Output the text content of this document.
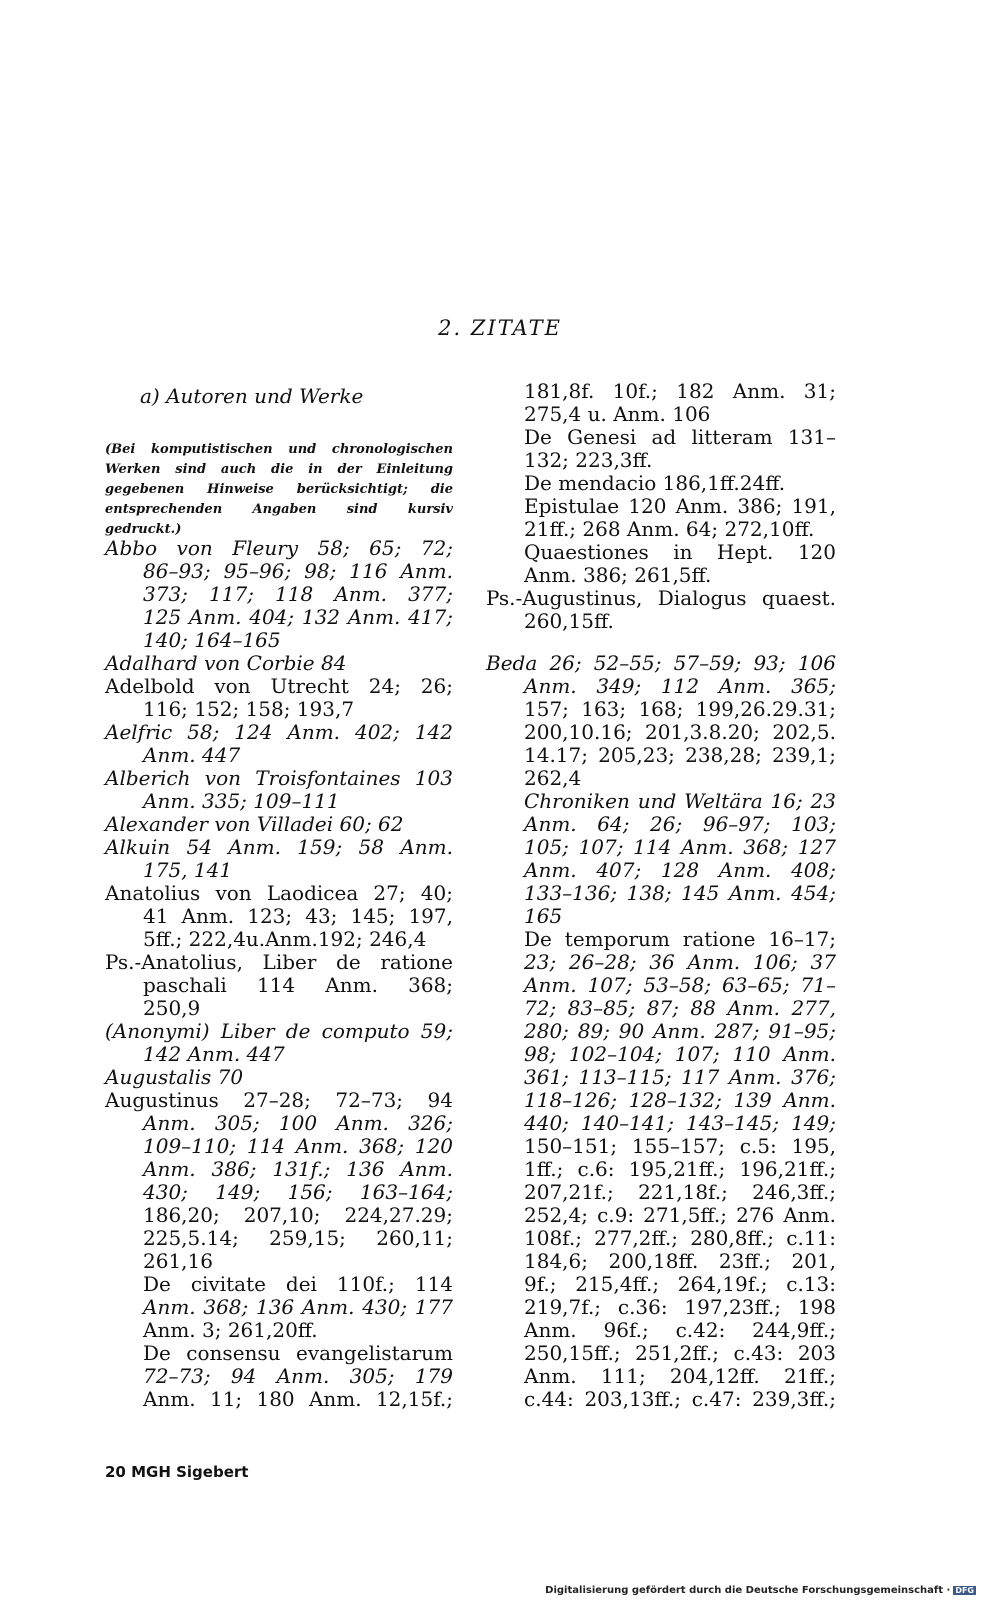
2. ZITATE
a) Autoren und Werke
(Bei komputistischen und chronologischen Werken sind auch die in der Einleitung gegebenen Hinweise berücksichtigt; die entsprechenden Angaben sind kursiv gedruckt.)
Abbo von Fleury 58; 65; 72;
86–93; 95–96; 98; 116 Anm.
373; 117; 118 Anm. 377;
125 Anm. 404; 132 Anm. 417;
140; 164–165
Adalhard von Corbie 84
Adelbold von Utrecht 24; 26;
116; 152; 158; 193,7
Aelfric 58; 124 Anm. 402; 142
Anm. 447
Alberich von Troisfontaines 103
Anm. 335; 109–111
Alexander von Villadei 60; 62
Alkuin 54 Anm. 159; 58 Anm.
175, 141
Anatolius von Laodicea 27; 40;
41 Anm. 123; 43; 145; 197,
5ff.; 222,4u.Anm.192; 246,4
Ps.-Anatolius, Liber de ratione
paschali 114 Anm. 368;
250,9
(Anonymi) Liber de computo 59;
142 Anm. 447
Augustalis 70
Augustinus 27–28; 72–73; 94
Anm. 305; 100 Anm. 326;
109–110; 114 Anm. 368; 120
Anm. 386; 131f.; 136 Anm.
430; 149; 156; 163–164;
186,20; 207,10; 224,27.29;
225,5.14; 259,15; 260,11;
261,16
De civitate dei 110f.; 114
Anm. 368; 136 Anm. 430; 177
Anm. 3; 261,20ff.
De consensu evangelistarum
72–73; 94 Anm. 305; 179
Anm. 11; 180 Anm. 12,15f.;
181,8f. 10f.; 182 Anm. 31;
275,4 u. Anm. 106
De Genesi ad litteram 131–
132; 223,3ff.
De mendacio 186,1ff.24ff.
Epistulae 120 Anm. 386; 191,
21ff.; 268 Anm. 64; 272,10ff.
Quaestiones in Hept. 120
Anm. 386; 261,5ff.
Ps.-Augustinus, Dialogus quaest.
260,15ff.
Beda 26; 52–55; 57–59; 93; 106
Anm. 349; 112 Anm. 365;
157; 163; 168; 199,26.29.31;
200,10.16; 201,3.8.20; 202,5.
14.17; 205,23; 238,28; 239,1;
262,4
Chroniken und Weltära 16; 23
Anm. 64; 26; 96–97; 103;
105; 107; 114 Anm. 368; 127
Anm. 407; 128 Anm. 408;
133–136; 138; 145 Anm. 454;
165
De temporum ratione 16–17;
23; 26–28; 36 Anm. 106; 37
Anm. 107; 53–58; 63–65; 71–
72; 83–85; 87; 88 Anm. 277,
280; 89; 90 Anm. 287; 91–95;
98; 102–104; 107; 110 Anm.
361; 113–115; 117 Anm. 376;
118–126; 128–132; 139 Anm.
440; 140–141; 143–145; 149;
150–151; 155–157; c.5: 195,
1ff.; c.6: 195,21ff.; 196,21ff.;
207,21f.; 221,18f.; 246,3ff.;
252,4; c.9: 271,5ff.; 276 Anm.
108f.; 277,2ff.; 280,8ff.; c.11:
184,6; 200,18ff. 23ff.; 201,
9f.; 215,4ff.; 264,19f.; c.13:
219,7f.; c.36: 197,23ff.; 198
Anm. 96f.; c.42: 244,9ff.;
250,15ff.; 251,2ff.; c.43: 203
Anm. 111; 204,12ff. 21ff.;
c.44: 203,13ff.; c.47: 239,3ff.;
20 MGH Sigebert
Digitalisierung gefördert durch die Deutsche Forschungsgemeinschaft · DFG
